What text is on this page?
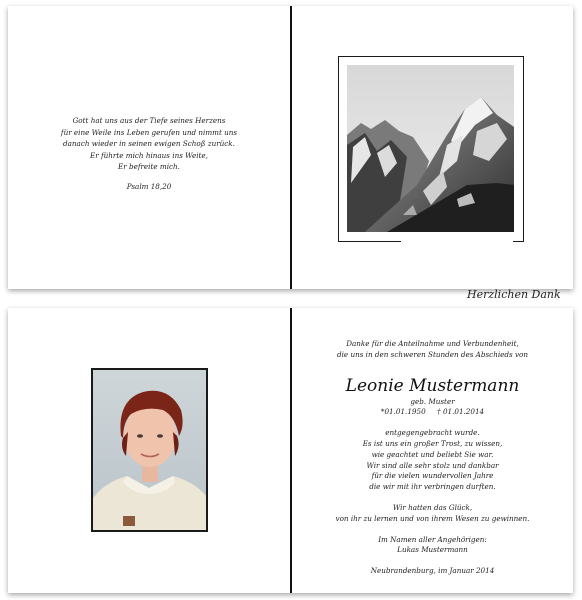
Gott hat uns aus der Tiefe seines Herzens
für eine Weile ins Leben gerufen und nimmt uns
danach wieder in seinen ewigen Schoß zurück.
Er führte mich hinaus ins Weite,
Er befreite mich.
Psalm 18,20
Herzlichen Dank
Danke für die Anteilnahme und Verbundenheit,
die uns in den schweren Stunden des Abschieds von
Leonie Mustermann
geb. Muster
*01.01.1950     † 01.01.2014
entgegengebracht wurde.
Es ist uns ein großer Trost, zu wissen,
wie geachtet und beliebt Sie war.
Wir sind alle sehr stolz und dankbar
für die vielen wundervollen Jahre
die wir mit ihr verbringen durften.
Wir hatten das Glück,
von ihr zu lernen und von ihrem Wesen zu gewinnen.
Im Namen aller Angehörigen:
Lukas Mustermann
Neubrandenburg, im Januar 2014
